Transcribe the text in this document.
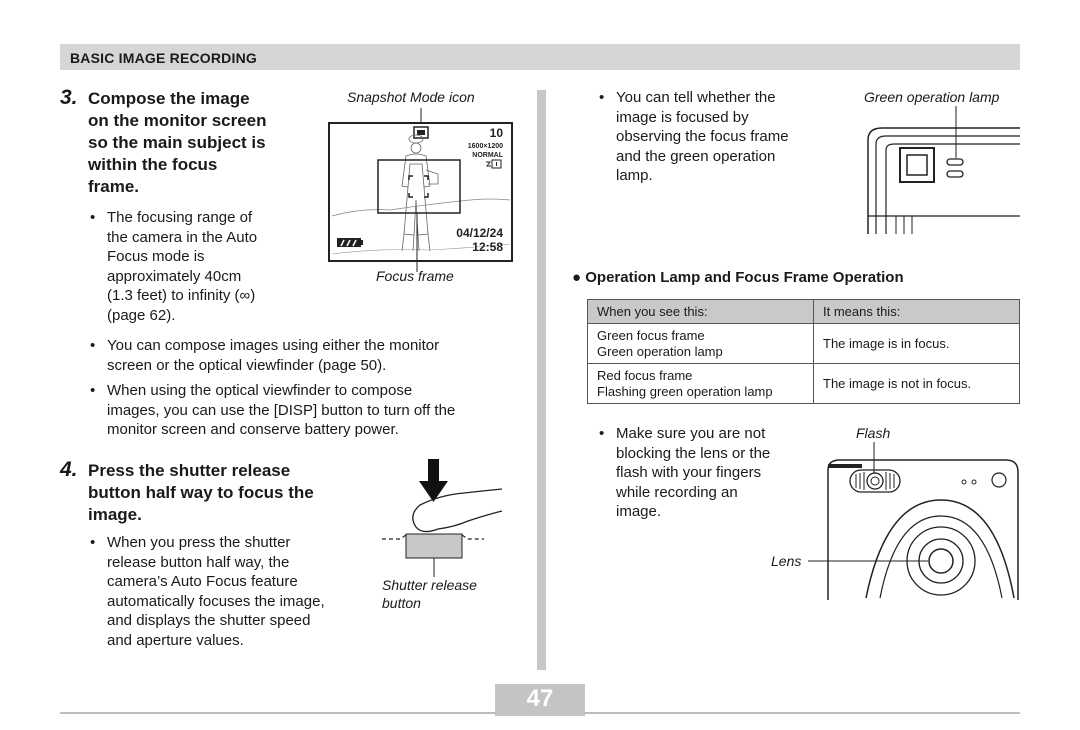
BASIC IMAGE RECORDING
3. Compose the image
on the monitor screen
so the main subject is
within the focus
frame.
• The focusing range of
the camera in the Auto
Focus mode is
approximately 40cm
(1.3 feet) to infinity (∞)
(page 62).
• You can compose images using either the monitor
screen or the optical viewfinder (page 50).
• When using the optical viewfinder to compose
images, you can use the [DISP] button to turn off the
monitor screen and conserve battery power.
Snapshot Mode icon
10
1600×1200
NORMAL
04/12/24
12:58
Focus frame
4. Press the shutter release
button half way to focus the
image.
• When you press the shutter
release button half way, the
camera’s Auto Focus feature
automatically focuses the image,
and displays the shutter speed
and aperture values.
Shutter release
button
• You can tell whether the
image is focused by
observing the focus frame
and the green operation
lamp.
Green operation lamp
● Operation Lamp and Focus Frame Operation
When you see this:	It means this:

Green focus frame
Green operation lamp	The image is in focus.

Red focus frame
Flashing green operation lamp	The image is not in focus.
• Make sure you are not
blocking the lens or the
flash with your fingers
while recording an
image.
Flash
Lens
47
